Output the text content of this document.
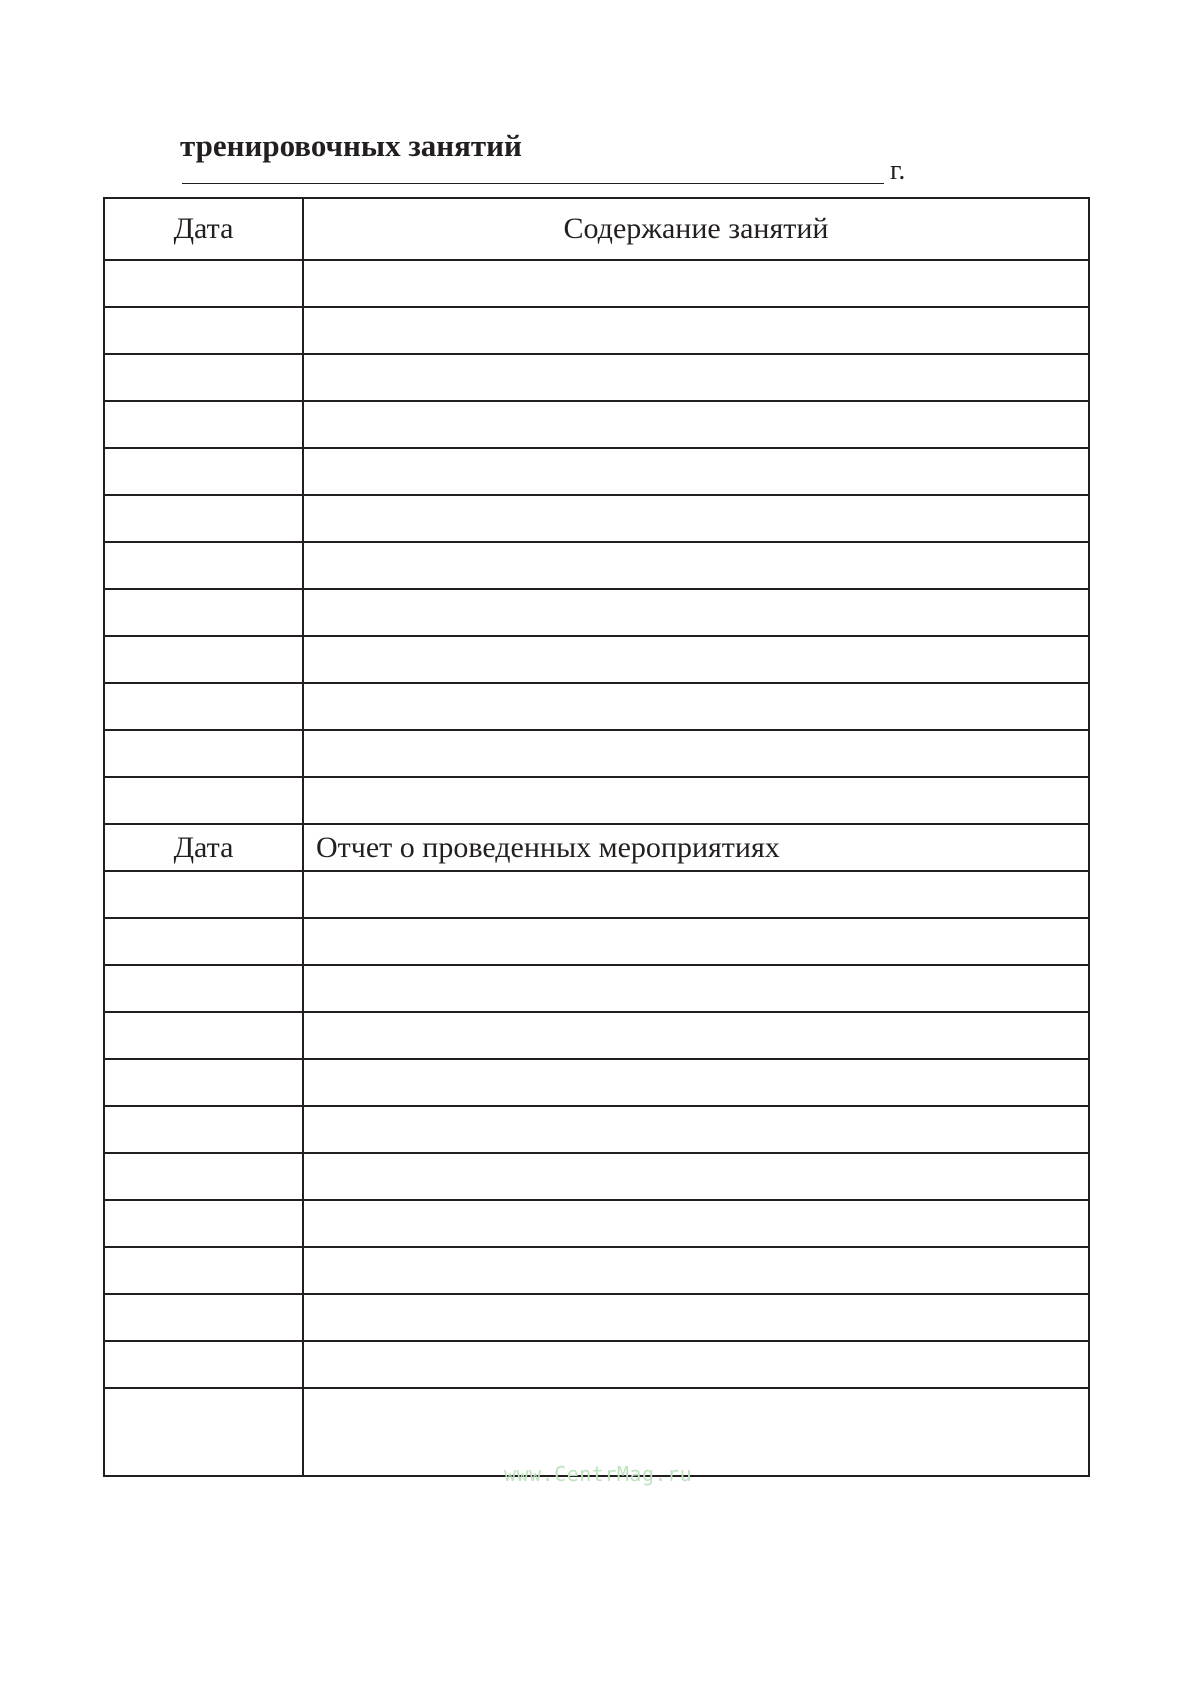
тренировочных занятий
г.
Дата	Содержание занятий

Дата	Отчет о проведенных мероприятиях

www.CentrMag.ru
